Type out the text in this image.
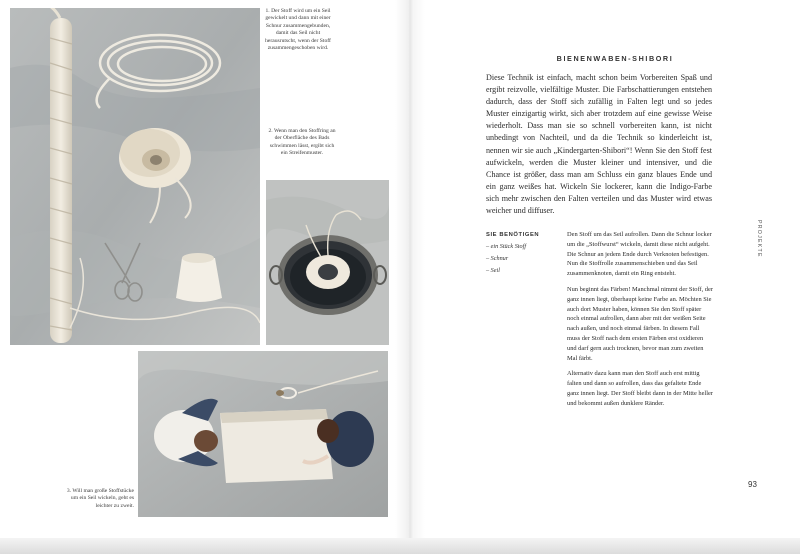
1. Der Stoff wird um ein Seil gewickelt und dann mit einer Schnur zusammengebunden, damit das Seil nicht herausrutscht, wenn der Stoff zusammengeschoben wird.
2. Wenn man den Stoffring an der Oberfläche des Bads schwimmen lässt, ergibt sich ein Streifenmuster.
3. Will man große Stoffstücke um ein Seil wickeln, geht es leichter zu zweit.
BIENENWABEN-SHIBORI
Diese Technik ist einfach, macht schon beim Vorbereiten Spaß und ergibt reizvolle, vielfältige Muster. Die Farbschattierungen entstehen dadurch, dass der Stoff sich zufällig in Falten legt und so jedes Muster einzigartig wirkt, sich aber trotzdem auf eine gewisse Weise wiederholt. Dass man sie so schnell vorbereiten kann, ist nicht unbedingt von Nachteil, und da die Technik so kinderleicht ist, nennen wir sie auch „Kindergarten-Shibori“! Wenn Sie den Stoff fest aufwickeln, werden die Muster kleiner und intensiver, und die Chance ist größer, dass man am Schluss ein ganz blaues Ende und ein ganz weißes hat. Wickeln Sie lockerer, kann die Indigo-Farbe sich mehr zwischen den Falten verteilen und das Muster wird etwas weicher und diffuser.
SIE BENÖTIGEN
– ein Stück Stoff
– Schnur
– Seil

Den Stoff um das Seil aufrollen. Dann die Schnur locker um die „Stoffwurst“ wickeln, damit diese nicht aufgeht. Die Schnur an jedem Ende durch Verknoten befestigen. Nun die Stoffrolle zusammenschieben und das Seil zusammenknoten, damit ein Ring entsteht.

Nun beginnt das Färben! Manchmal nimmt der Stoff, der ganz innen liegt, überhaupt keine Farbe an. Möchten Sie auch dort Muster haben, können Sie den Stoff später noch einmal aufrollen, dann aber mit der weißen Seite nach außen, und noch einmal färben. In diesem Fall muss der Stoff nach dem ersten Färben erst oxidieren und darf gern auch trocknen, bevor man zum zweiten Mal färbt.

Alternativ dazu kann man den Stoff auch erst mittig falten und dann so aufrollen, dass das gefaltete Ende ganz innen liegt. Der Stoff bleibt dann in der Mitte heller und bekommt außen dunklere Ränder.

PROJEKTE
93
